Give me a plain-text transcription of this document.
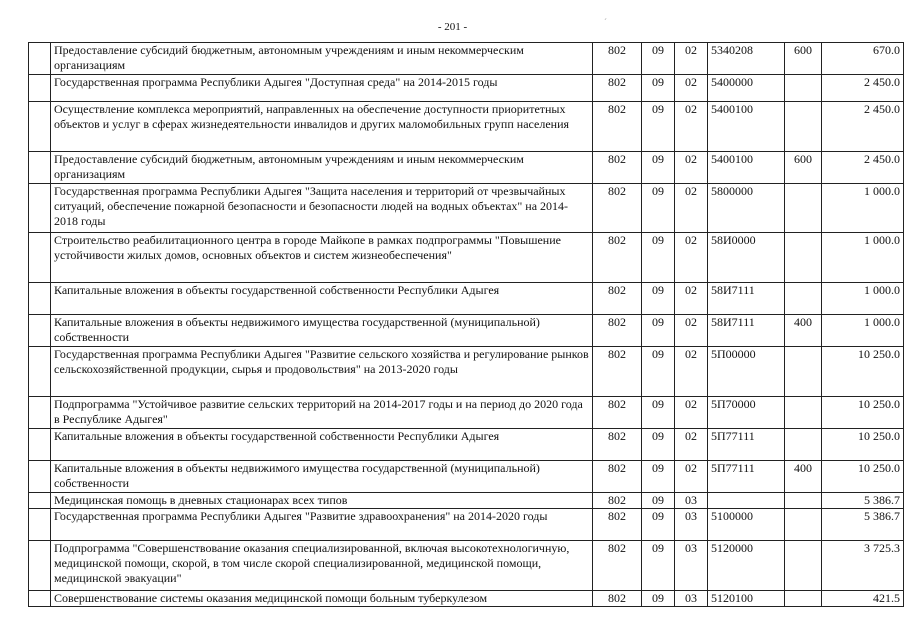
- 201 -	´
	Предоставление субсидий бюджетным, автономным учреждениям и иным некоммерческим организациям	802	09	02	5340208	600	670.0
	Государственная программа Республики Адыгея "Доступная среда" на 2014-2015 годы	802	09	02	5400000		2 450.0
	Осуществление комплекса мероприятий, направленных на обеспечение доступности приоритетных объектов и услуг в сферах жизнедеятельности инвалидов и других маломобильных групп населения	802	09	02	5400100		2 450.0
	Предоставление субсидий бюджетным, автономным учреждениям и иным некоммерческим организациям	802	09	02	5400100	600	2 450.0
	Государственная программа Республики Адыгея "Защита населения и территорий от чрезвычайных ситуаций, обеспечение пожарной безопасности и безопасности людей на водных объектах" на 2014-2018 годы	802	09	02	5800000		1 000.0
	Строительство реабилитационного центра в городе Майкопе в рамках подпрограммы "Повышение устойчивости жилых домов, основных объектов и систем жизнеобеспечения"	802	09	02	58И0000		1 000.0
	Капитальные вложения в объекты государственной собственности Республики Адыгея	802	09	02	58И7111		1 000.0
	Капитальные вложения в объекты недвижимого имущества государственной (муниципальной) собственности	802	09	02	58И7111	400	1 000.0
	Государственная программа Республики Адыгея "Развитие сельского хозяйства и регулирование рынков сельскохозяйственной продукции, сырья и продовольствия" на 2013-2020 годы	802	09	02	5П00000		10 250.0
	Подпрограмма "Устойчивое развитие сельских территорий на 2014-2017 годы и на период до 2020 года в Республике Адыгея"	802	09	02	5П70000		10 250.0
	Капитальные вложения в объекты государственной собственности Республики Адыгея	802	09	02	5П77111		10 250.0
	Капитальные вложения в объекты недвижимого имущества государственной (муниципальной) собственности	802	09	02	5П77111	400	10 250.0
	Медицинская помощь в дневных стационарах всех типов	802	09	03			5 386.7
	Государственная программа Республики Адыгея "Развитие здравоохранения" на 2014-2020 годы	802	09	03	5100000		5 386.7
	Подпрограмма "Совершенствование оказания специализированной, включая высокотехнологичную, медицинской помощи, скорой, в том числе скорой специализированной, медицинской помощи, медицинской эвакуации"	802	09	03	5120000		3 725.3
	Совершенствование системы оказания медицинской помощи больным туберкулезом	802	09	03	5120100		421.5
